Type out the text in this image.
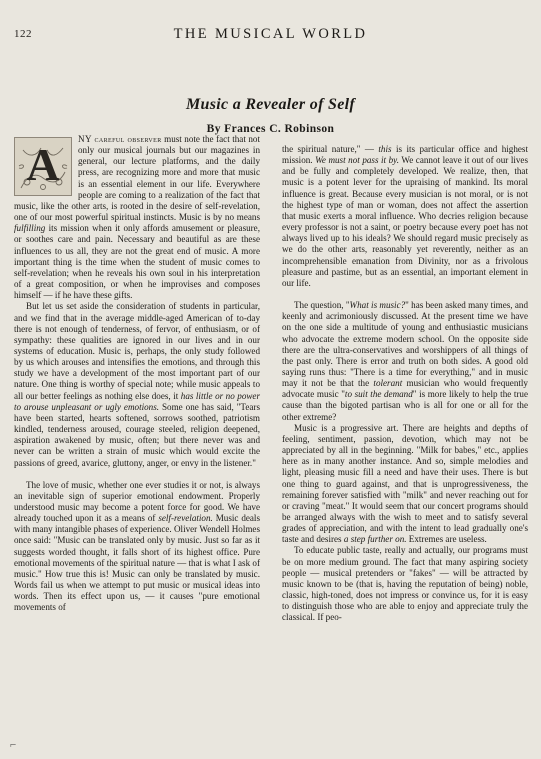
122	THE MUSICAL WORLD
Music a Revealer of Self
By Frances C. Robinson
A	NY careful observer must note the fact that not only our musical journals but our magazines in general, our lecture platforms, and the daily press, are recognizing more and more that music is an essential element in our life. Everywhere people are coming to a realization of the fact that music, like the other arts, is rooted in the desire of self-revelation, one of our most powerful spiritual instincts. Music is by no means fulfilling its mission when it only affords amusement or pleasure, or soothes care and pain. Necessary and beautiful as are these influences to us all, they are not the great end of music. A more important thing is the time when the student of music comes to self-revelation; when he reveals his own soul in his interpretation of a great composition, or when he improvises and composes himself — if he have these gifts.

But let us set aside the consideration of students in particular, and we find that in the average middle-aged American of to-day there is not enough of tenderness, of fervor, of enthusiasm, or of sympathy: these qualities are ignored in our lives and in our systems of education. Music is, perhaps, the only study followed by us which arouses and intensifies the emotions, and through this study we have a development of the most important part of our nature. One thing is worthy of special note; while music appeals to all our better feelings as nothing else does, it has little or no power to arouse unpleasant or ugly emotions. Some one has said, "Tears have been started, hearts softened, sorrows soothed, patriotism kindled, tenderness aroused, courage steeled, religion deepened, aspiration awakened by music, often; but there never was and never can be written a strain of music which would excite the passions of greed, avarice, gluttony, anger, or envy in the listener."

The love of music, whether one ever studies it or not, is always an inevitable sign of superior emotional endowment. Properly understood music may become a potent force for good. We have already touched upon it as a means of self-revelation. Music deals with many intangible phases of experience. Oliver Wendell Holmes once said: "Music can be translated only by music. Just so far as it suggests worded thought, it falls short of its highest office. Pure emotional movements of the spiritual nature — that is what I ask of music." How true this is! Music can only be translated by music. Words fail us when we attempt to put music or musical ideas into words. Then its effect upon us, — it causes "pure emotional movements of

the spiritual nature," — this is its particular office and highest mission. We must not pass it by. We cannot leave it out of our lives and be fully and completely developed. We realize, then, that music is a potent lever for the upraising of mankind. Its moral influence is great. Because every musician is not moral, or is not the highest type of man or woman, does not affect the assertion that music exerts a moral influence. Who decries religion because every professor is not a saint, or poetry because every poet has not always lived up to his ideals? We should regard music precisely as we do the other arts, reasonably yet reverently, neither as an incomprehensible emanation from Divinity, nor as a frivolous pleasure and pastime, but as an essential, an important element in our life.

The question, "What is music?" has been asked many times, and keenly and acrimoniously discussed. At the present time we have on the one side a multitude of young and enthusiastic musicians who advocate the extreme modern school. On the opposite side there are the ultra-conservatives and worshippers of all things of the past only. There is error and truth on both sides. A good old saying runs thus: "There is a time for everything," and in music may it not be that the tolerant musician who would frequently advocate music "to suit the demand" is more likely to help the true cause than the bigoted partisan who is all for one or all for the other extreme?

Music is a progressive art. There are heights and depths of feeling, sentiment, passion, devotion, which may not be appreciated by all in the beginning. "Milk for babes," etc., applies here as in many another instance. And so, simple melodies and light, pleasing music fill a need and have their uses. There is but one thing to guard against, and that is unprogressiveness, the remaining forever satisfied with "milk" and never reaching out for or craving "meat." It would seem that our concert programs should be arranged always with the wish to meet and to satisfy several grades of appreciation, and with the intent to lead gradually one's taste and desires a step further on. Extremes are useless.

To educate public taste, really and actually, our programs must be on more medium ground. The fact that many aspiring society people — musical pretenders or "fakes" — will be attracted by music known to be (that is, having the reputation of being) noble, classic, high-toned, does not impress or convince us, for it is easy to distinguish those who are able to enjoy and appreciate truly the classical. If peo-

⌐
